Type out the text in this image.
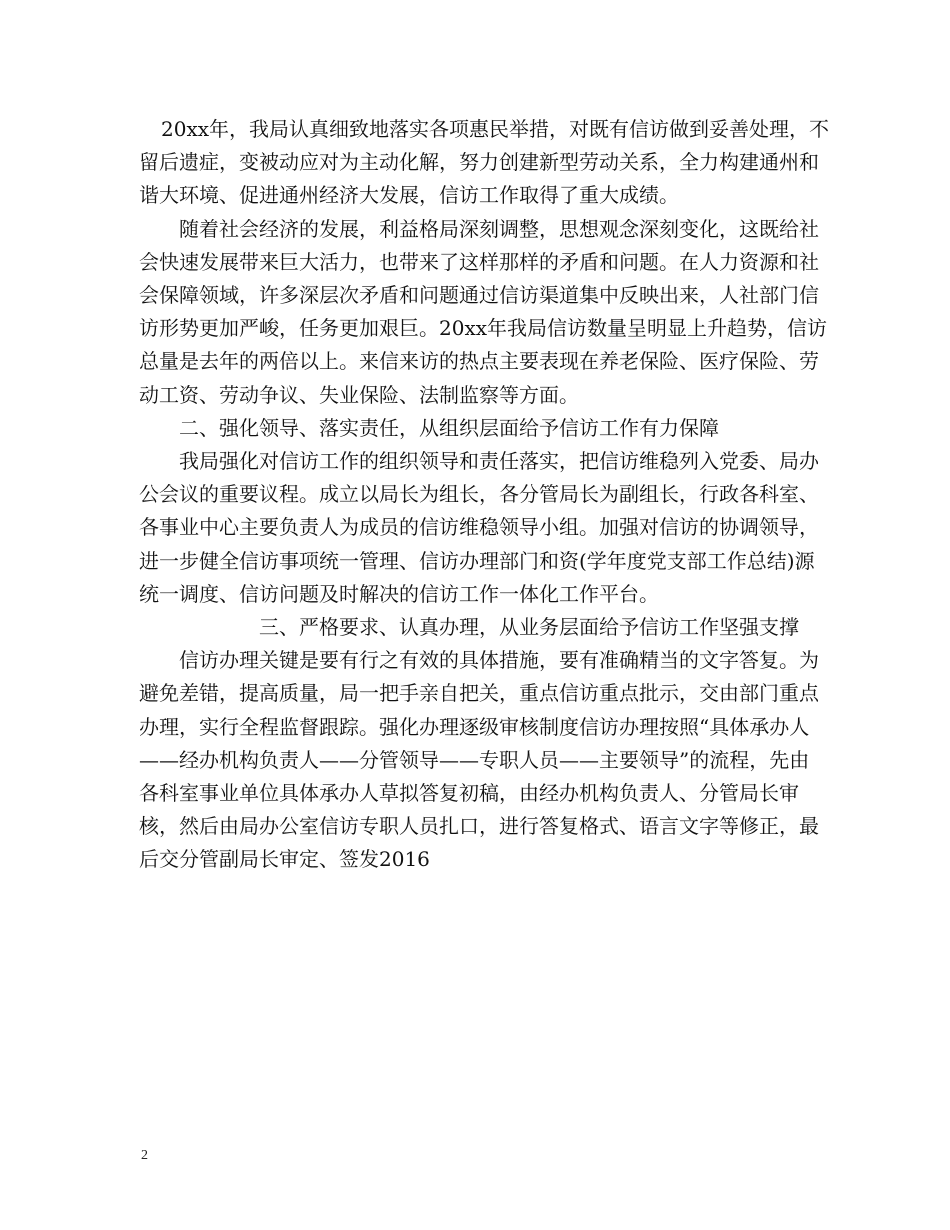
20xx年，我局认真细致地落实各项惠民举措，对既有信访做到妥善处理，不留后遗症，变被动应对为主动化解，努力创建新型劳动关系，全力构建通州和谐大环境、促进通州经济大发展，信访工作取得了重大成绩。

随着社会经济的发展，利益格局深刻调整，思想观念深刻变化，这既给社会快速发展带来巨大活力，也带来了这样那样的矛盾和问题。在人力资源和社会保障领域，许多深层次矛盾和问题通过信访渠道集中反映出来，人社部门信访形势更加严峻，任务更加艰巨。20xx年我局信访数量呈明显上升趋势，信访总量是去年的两倍以上。来信来访的热点主要表现在养老保险、医疗保险、劳动工资、劳动争议、失业保险、法制监察等方面。

二、强化领导、落实责任，从组织层面给予信访工作有力保障

我局强化对信访工作的组织领导和责任落实，把信访维稳列入党委、局办公会议的重要议程。成立以局长为组长，各分管局长为副组长，行政各科室、各事业中心主要负责人为成员的信访维稳领导小组。加强对信访的协调领导，进一步健全信访事项统一管理、信访办理部门和资(学年度党支部工作总结)源统一调度、信访问题及时解决的信访工作一体化工作平台。

三、严格要求、认真办理，从业务层面给予信访工作坚强支撑

信访办理关键是要有行之有效的具体措施，要有准确精当的文字答复。为避免差错，提高质量，局一把手亲自把关，重点信访重点批示，交由部门重点办理，实行全程监督跟踪。强化办理逐级审核制度信访办理按照“具体承办人——经办机构负责人——分管领导——专职人员——主要领导”的流程，先由各科室事业单位具体承办人草拟答复初稿，由经办机构负责人、分管局长审核，然后由局办公室信访专职人员扎口，进行答复格式、语言文字等修正，最后交分管副局长审定、签发2016

2
